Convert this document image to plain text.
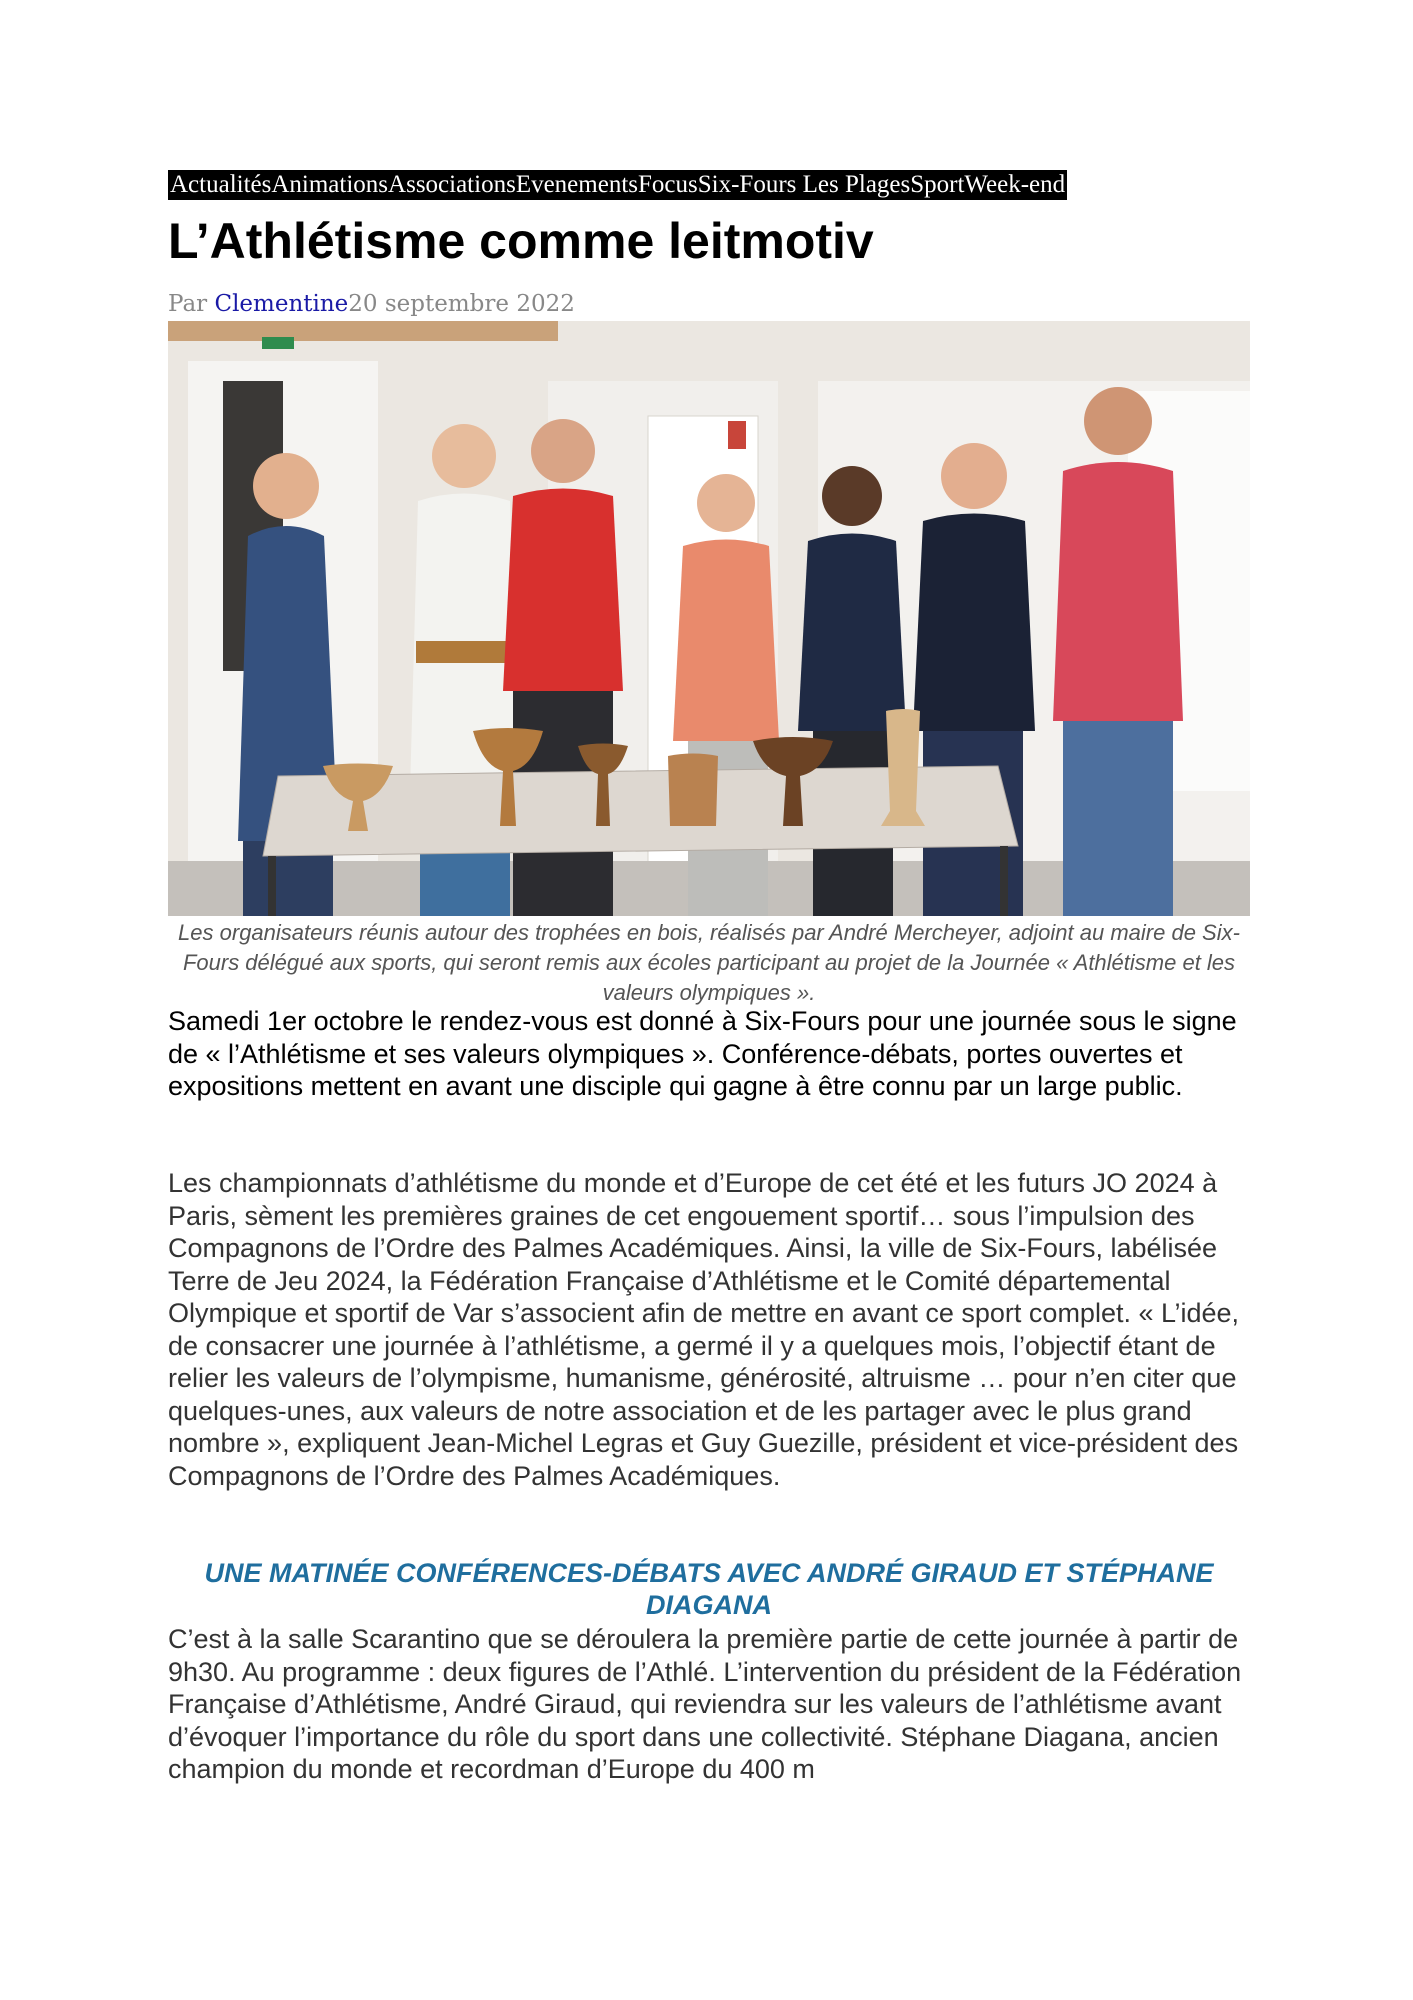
Actualités Animations Associations Evenements Focus Six-Fours Les Plages Sport Week-end
L’Athlétisme comme leitmotiv
Par Clementine20 septembre 2022
Les organisateurs réunis autour des trophées en bois, réalisés par André Mercheyer, adjoint au maire de Six-Fours délégué aux sports, qui seront remis aux écoles participant au projet de la Journée « Athlétisme et les valeurs olympiques ».

Samedi 1er octobre le rendez-vous est donné à Six-Fours pour une journée sous le signe de « l’Athlétisme et ses valeurs olympiques ». Conférence-débats, portes ouvertes et expositions mettent en avant une disciple qui gagne à être connu par un large public.

Les championnats d’athlétisme du monde et d’Europe de cet été et les futurs JO 2024 à Paris, sèment les premières graines de cet engouement sportif… sous l’impulsion des Compagnons de l’Ordre des Palmes Académiques. Ainsi, la ville de Six-Fours, labélisée Terre de Jeu 2024, la Fédération Française d’Athlétisme et le Comité départemental Olympique et sportif de Var s’associent afin de mettre en avant ce sport complet. « L’idée, de consacrer une journée à l’athlétisme, a germé il y a quelques mois, l’objectif étant de relier les valeurs de l’olympisme, humanisme, générosité, altruisme … pour n’en citer que quelques-unes, aux valeurs de notre association et de les partager avec le plus grand nombre », expliquent Jean-Michel Legras et Guy Guezille, président et vice-président des Compagnons de l’Ordre des Palmes Académiques.

UNE MATINÉE CONFÉRENCES-DÉBATS AVEC ANDRÉ GIRAUD ET STÉPHANE DIAGANA

C’est à la salle Scarantino que se déroulera la première partie de cette journée à partir de 9h30. Au programme : deux figures de l’Athlé. L’intervention du président de la Fédération Française d’Athlétisme, André Giraud, qui reviendra sur les valeurs de l’athlétisme avant d’évoquer l’importance du rôle du sport dans une collectivité. Stéphane Diagana, ancien champion du monde et recordman d’Europe du 400 m
